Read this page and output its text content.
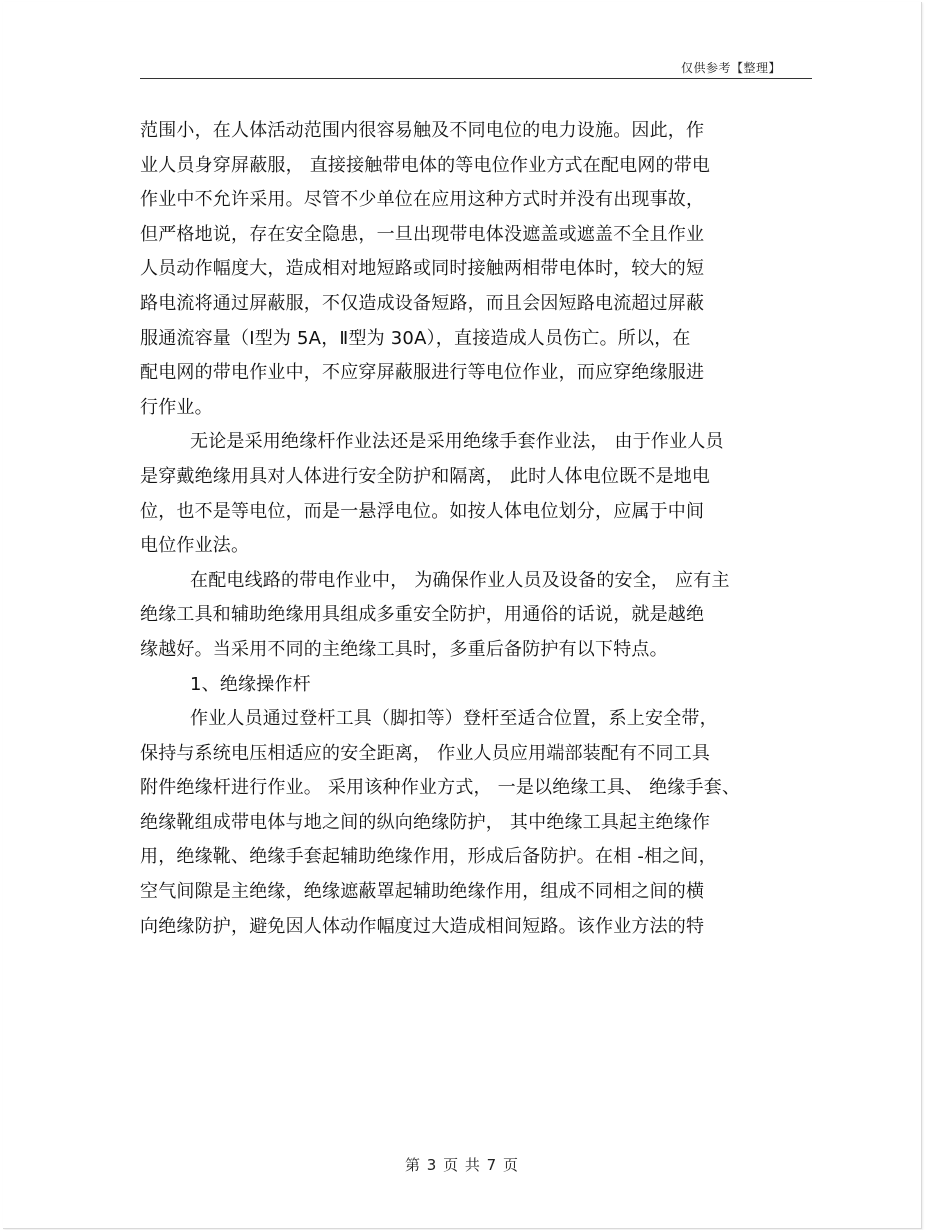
仅供参考【整理】
范围小，在人体活动范围内很容易触及不同电位的电力设施。因此，作
业人员身穿屏蔽服， 直接接触带电体的等电位作业方式在配电网的带电
作业中不允许采用。尽管不少单位在应用这种方式时并没有出现事故，
但严格地说，存在安全隐患，一旦出现带电体没遮盖或遮盖不全且作业
人员动作幅度大，造成相对地短路或同时接触两相带电体时，较大的短
路电流将通过屏蔽服，不仅造成设备短路，而且会因短路电流超过屏蔽
服通流容量（Ⅰ型为 5A，Ⅱ型为 30A），直接造成人员伤亡。所以，在
配电网的带电作业中，不应穿屏蔽服进行等电位作业，而应穿绝缘服进
行作业。
无论是采用绝缘杆作业法还是采用绝缘手套作业法， 由于作业人员
是穿戴绝缘用具对人体进行安全防护和隔离， 此时人体电位既不是地电
位，也不是等电位，而是一悬浮电位。如按人体电位划分，应属于中间
电位作业法。
在配电线路的带电作业中， 为确保作业人员及设备的安全， 应有主
绝缘工具和辅助绝缘用具组成多重安全防护，用通俗的话说，就是越绝
缘越好。当采用不同的主绝缘工具时，多重后备防护有以下特点。
1、绝缘操作杆
作业人员通过登杆工具（脚扣等）登杆至适合位置，系上安全带，
保持与系统电压相适应的安全距离， 作业人员应用端部装配有不同工具
附件绝缘杆进行作业。 采用该种作业方式， 一是以绝缘工具、 绝缘手套、
绝缘靴组成带电体与地之间的纵向绝缘防护， 其中绝缘工具起主绝缘作
用，绝缘靴、绝缘手套起辅助绝缘作用，形成后备防护。在相 -相之间，
空气间隙是主绝缘，绝缘遮蔽罩起辅助绝缘作用，组成不同相之间的横
向绝缘防护，避免因人体动作幅度过大造成相间短路。该作业方法的特
第 3 页 共 7 页
